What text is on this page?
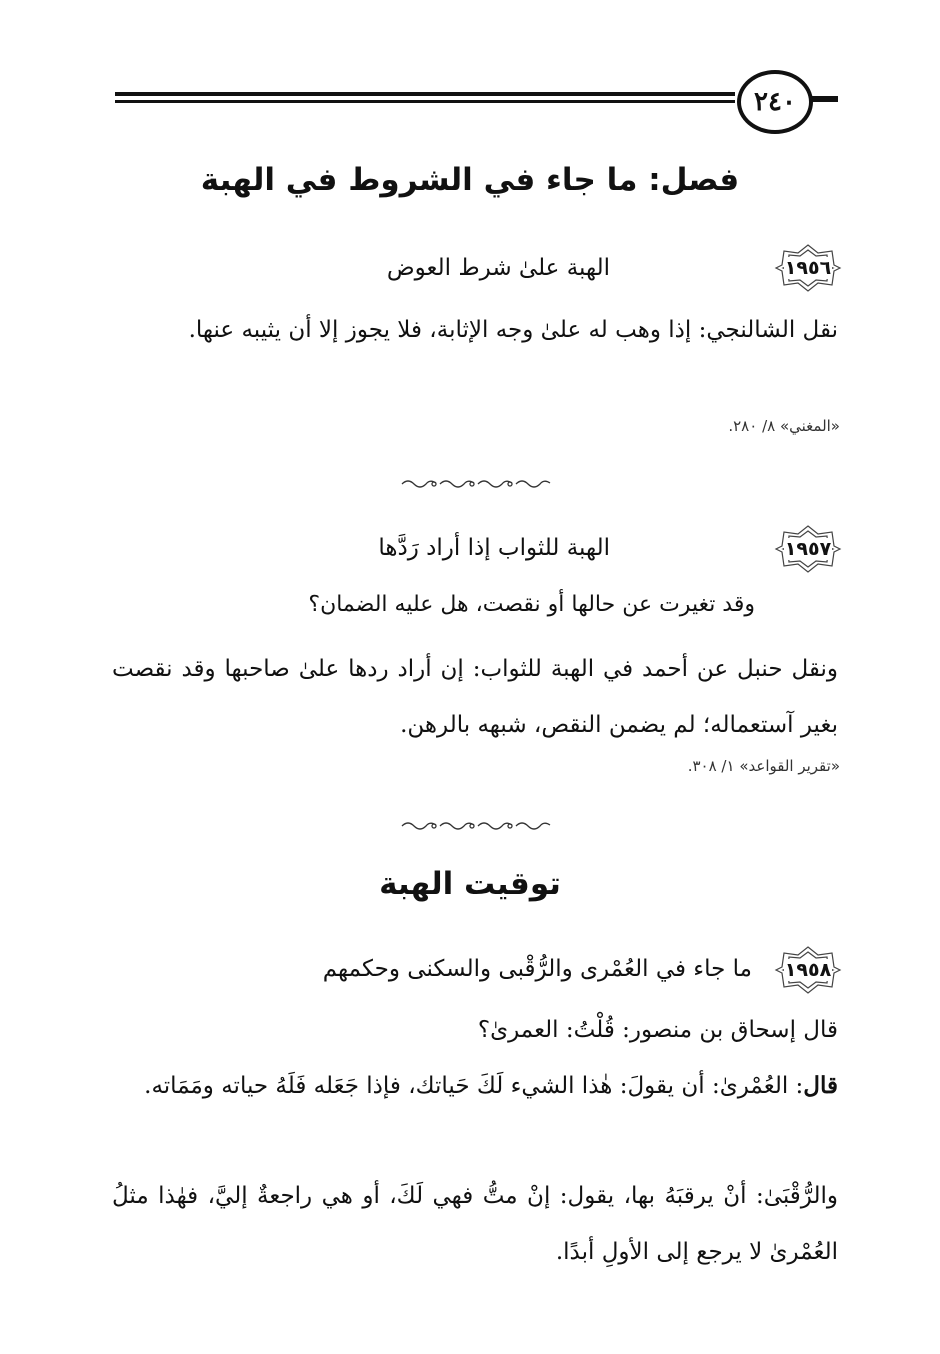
٢٤٠
فصل: ما جاء في الشروط في الهبة
١٩٥٦
الهبة علىٰ شرط العوض
نقل الشالنجي: إذا وهب له علىٰ وجه الإثابة، فلا يجوز إلا أن يثيبه عنها.
«المغني» ٨/ ٢٨٠.
١٩٥٧
الهبة للثواب إذا أراد رَدَّها
وقد تغيرت عن حالها أو نقصت، هل عليه الضمان؟
ونقل حنبل عن أحمد في الهبة للثواب: إن أراد ردها علىٰ صاحبها وقد نقصت بغير آستعماله؛ لم يضمن النقص، شبهه بالرهن.
«تقرير القواعد» ١/ ٣٠٨.
توقيت الهبة
١٩٥٨
ما جاء في العُمْرى والرُّقْبى والسكنى وحكمهم
قال إسحاق بن منصور: قُلْتُ: العمرىٰ؟
قال: العُمْرىٰ: أن يقولَ: هٰذا الشيء لَكَ حَياتك، فإذا جَعَله فَلَهُ حياته ومَمَاته.
والرُّقْبَىٰ: أنْ يرقبَهُ بها، يقول: إنْ متُّ فهي لَكَ، أو هي راجعةٌ إليَّ، فهٰذا مثلُ العُمْرىٰ لا يرجع إلى الأولِ أبدًا.
